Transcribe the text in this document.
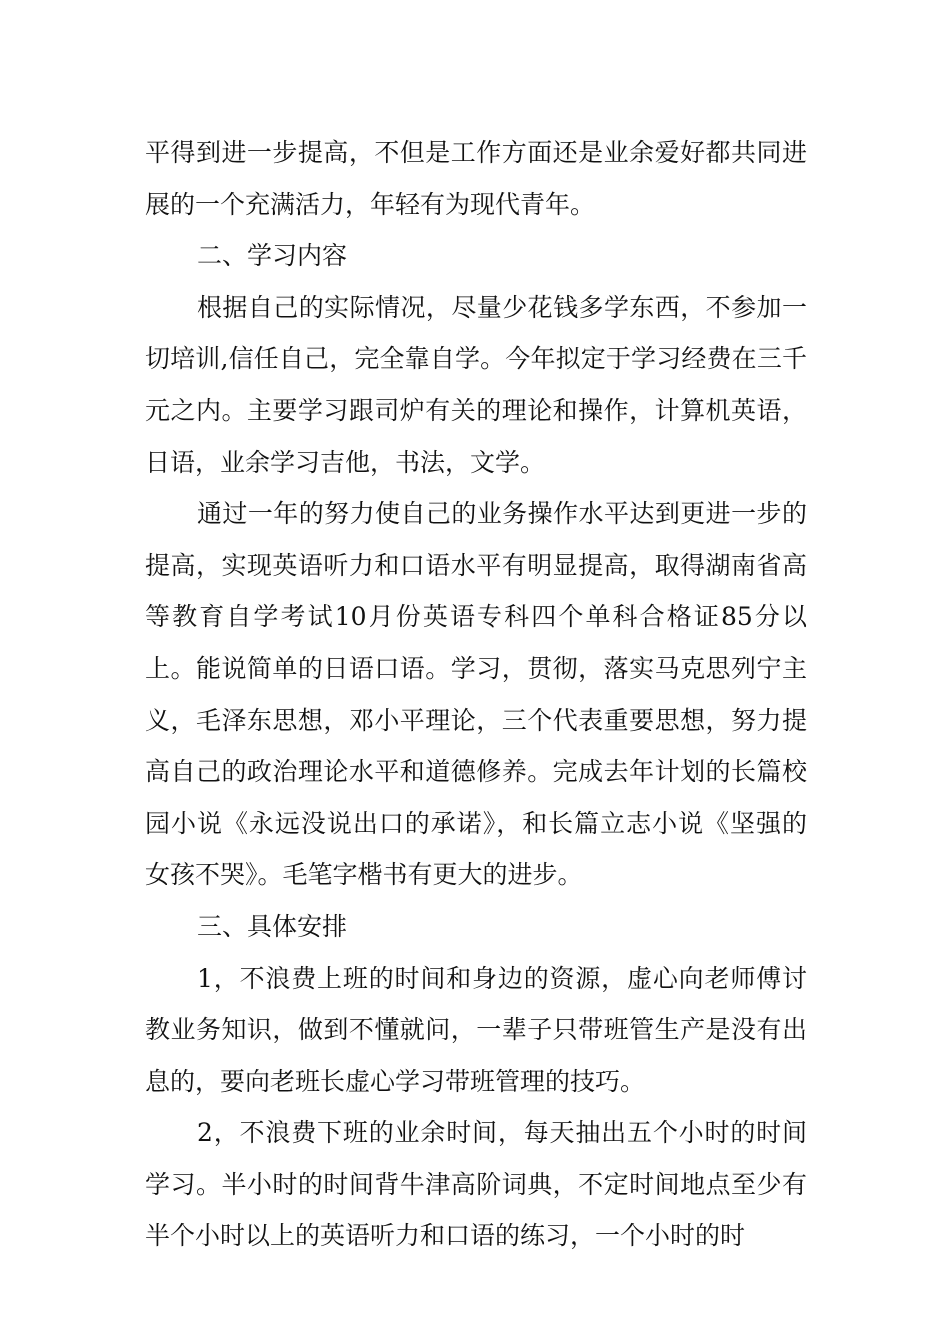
平得到进一步提高，不但是工作方面还是业余爱好都共同进展的一个充满活力，年轻有为现代青年。

二、学习内容

根据自己的实际情况，尽量少花钱多学东西，不参加一切培训,信任自己，完全靠自学。今年拟定于学习经费在三千元之内。主要学习跟司炉有关的理论和操作，计算机英语，日语，业余学习吉他，书法，文学。

通过一年的努力使自己的业务操作水平达到更进一步的提高，实现英语听力和口语水平有明显提高，取得湖南省高等教育自学考试10月份英语专科四个单科合格证85分以上。能说简单的日语口语。学习，贯彻，落实马克思列宁主义，毛泽东思想，邓小平理论，三个代表重要思想，努力提高自己的政治理论水平和道德修养。完成去年计划的长篇校园小说《永远没说出口的承诺》，和长篇立志小说《坚强的女孩不哭》。毛笔字楷书有更大的进步。

三、具体安排

1，不浪费上班的时间和身边的资源，虚心向老师傅讨教业务知识，做到不懂就问，一辈子只带班管生产是没有出息的，要向老班长虚心学习带班管理的技巧。

2，不浪费下班的业余时间，每天抽出五个小时的时间学习。半小时的时间背牛津高阶词典，不定时间地点至少有半个小时以上的英语听力和口语的练习，一个小时的时
